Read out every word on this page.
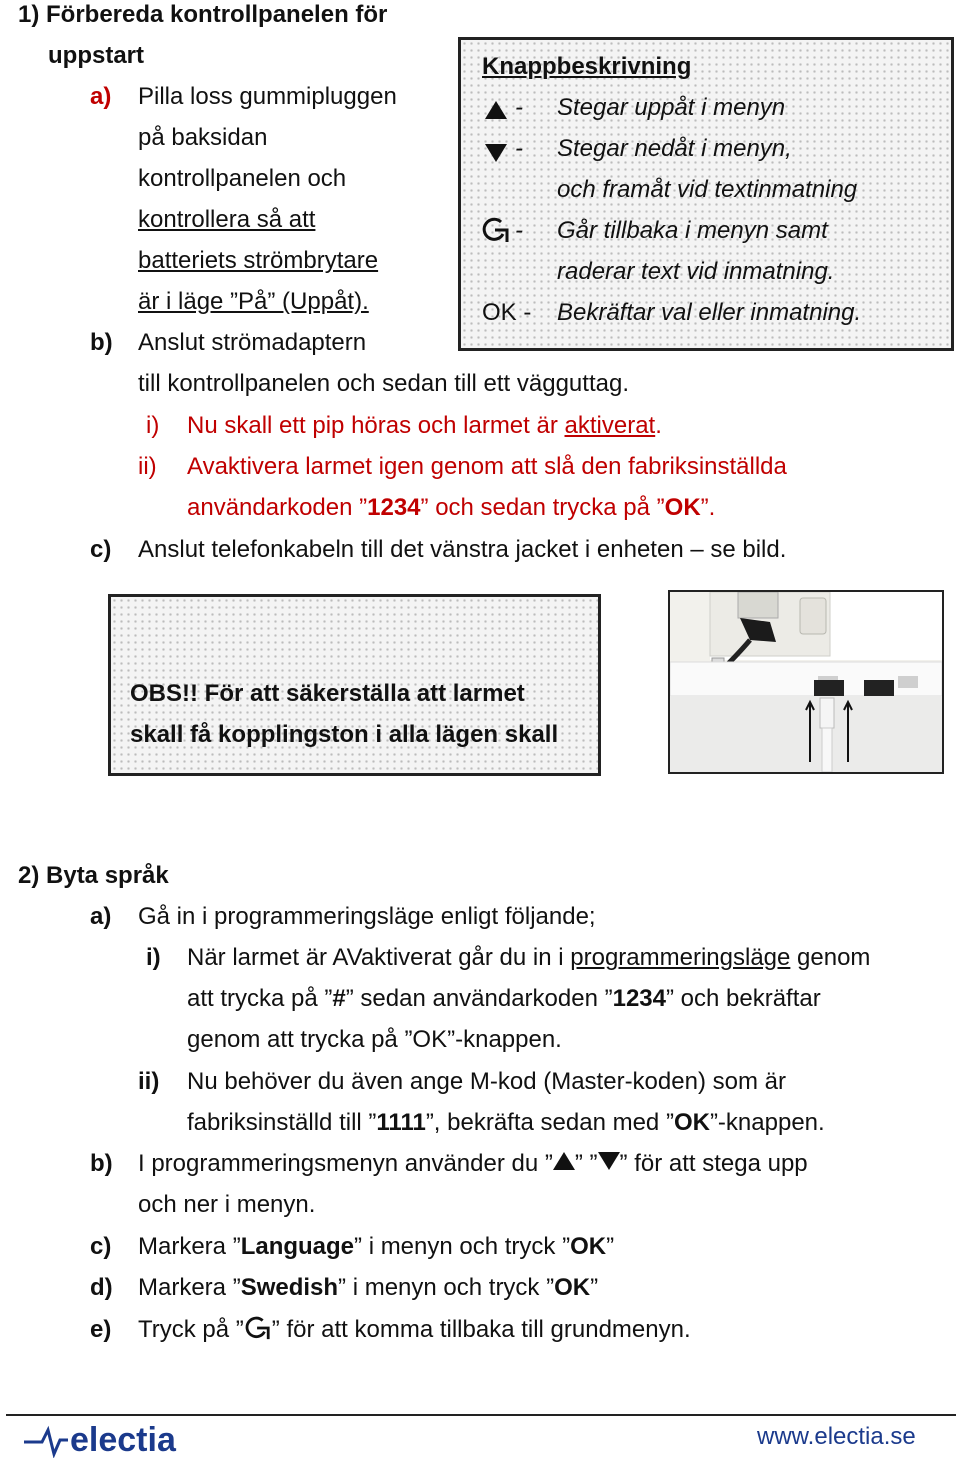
1) Förbereda kontrollpanelen för
uppstart
a) Pilla loss gummipluggen
på baksidan
kontrollpanelen och
kontrollera så att
batteriets strömbrytare
är i läge ”På” (Uppåt).
b) Anslut strömadaptern
till kontrollpanelen och sedan till ett vägguttag.
i) Nu skall ett pip höras och larmet är aktiverat.
ii) Avaktivera larmet igen genom att slå den fabriksinställda
användarkoden ”1234” och sedan trycka på ”OK”.
c) Anslut telefonkabeln till det vänstra jacket i enheten – se bild.
Knappbeskrivning
- Stegar uppåt i menyn
- Stegar nedåt i menyn,
och framåt vid textinmatning
- Går tillbaka i menyn samt
raderar text vid inmatning.
OK - Bekräftar val eller inmatning.
OBS!! För att säkerställa att larmet
skall få kopplingston i alla lägen skall
2) Byta språk
a) Gå in i programmeringsläge enligt följande;
i) När larmet är AVaktiverat går du in i programmeringsläge genom
att trycka på ”#” sedan användarkoden ”1234” och bekräftar
genom att trycka på ”OK”-knappen.
ii) Nu behöver du även ange M-kod (Master-koden) som är
fabriksinställd till ”1111”, bekräfta sedan med ”OK”-knappen.
b) I programmeringsmenyn använder du ” ” ” ” för att stega upp
och ner i menyn.
c) Markera ”Language” i menyn och tryck ”OK”
d) Markera ”Swedish” i menyn och tryck ”OK”
e) Tryck på ” ” för att komma tillbaka till grundmenyn.
electia	www.electia.se
